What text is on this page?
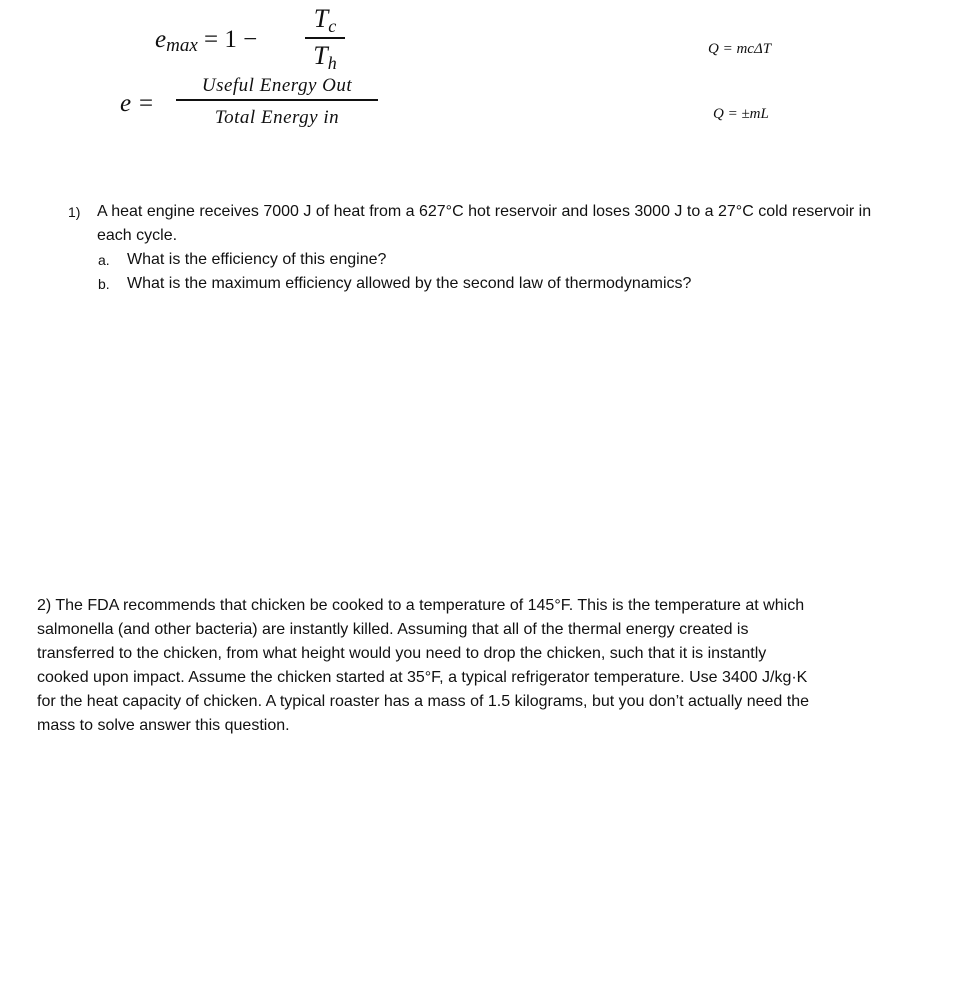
$e_{max} = 1$ −
$T_c$
$T_h$
e =
Useful Energy Out
Total Energy in
Q = mcΔT
Q = ±mL
1)	A heat engine receives 7000 J of heat from a 627°C hot reservoir and loses 3000 J to a 27°C cold reservoir in each cycle.
a.	What is the efficiency of this engine?
b.	What is the maximum efficiency allowed by the second law of thermodynamics?
2) The FDA recommends that chicken be cooked to a temperature of 145°F. This is the temperature at which
salmonella (and other bacteria) are instantly killed. Assuming that all of the thermal energy created is
transferred to the chicken, from what height would you need to drop the chicken, such that it is instantly
cooked upon impact. Assume the chicken started at 35°F, a typical refrigerator temperature. Use 3400 J/kg·K
for the heat capacity of chicken. A typical roaster has a mass of 1.5 kilograms, but you don’t actually need the
mass to solve answer this question.
